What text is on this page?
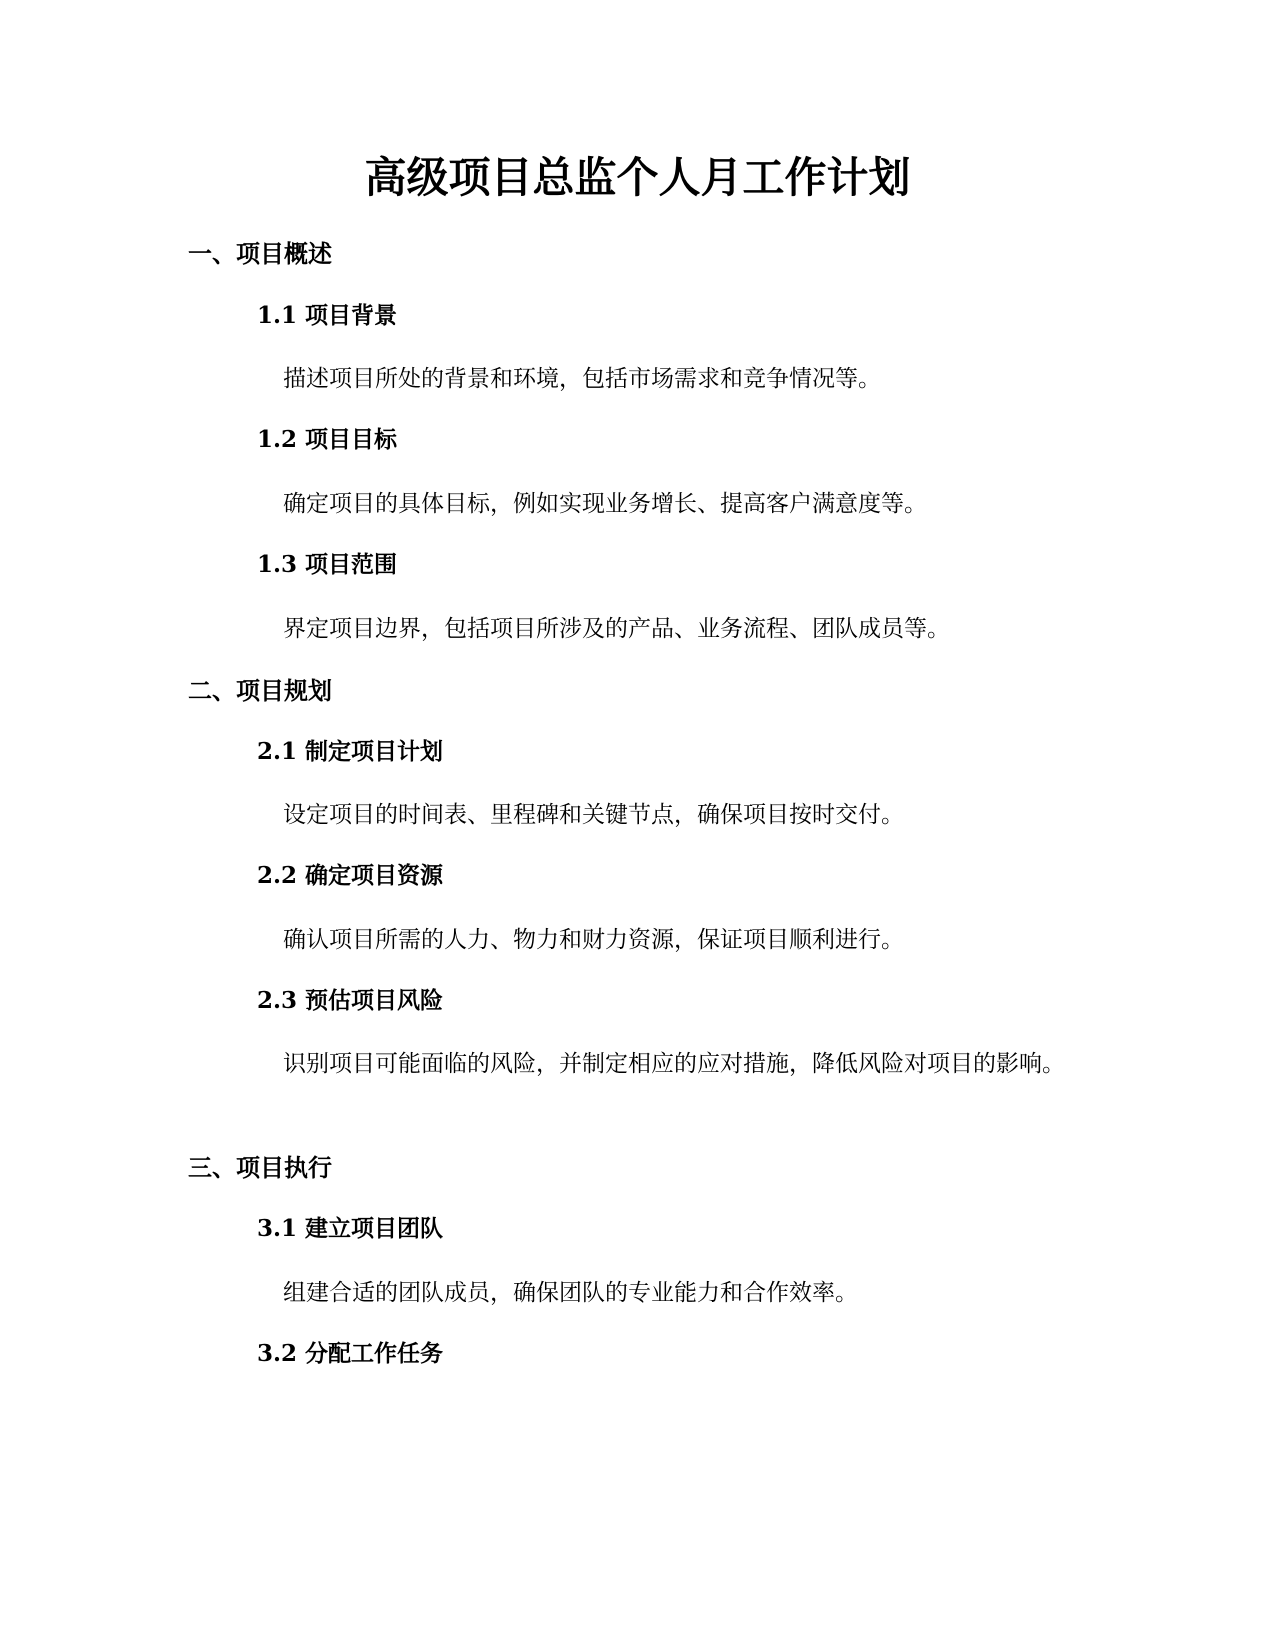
高级项目总监个人月工作计划
一、项目概述
1.1 项目背景

描述项目所处的背景和环境，包括市场需求和竞争情况等。

1.2 项目目标

确定项目的具体目标，例如实现业务增长、提高客户满意度等。

1.3 项目范围

界定项目边界，包括项目所涉及的产品、业务流程、团队成员等。

二、项目规划
2.1 制定项目计划

设定项目的时间表、里程碑和关键节点，确保项目按时交付。

2.2 确定项目资源

确认项目所需的人力、物力和财力资源，保证项目顺利进行。

2.3 预估项目风险

识别项目可能面临的风险，并制定相应的应对措施，降低风险对项目的影响。

三、项目执行
3.1 建立项目团队

组建合适的团队成员，确保团队的专业能力和合作效率。

3.2 分配工作任务
